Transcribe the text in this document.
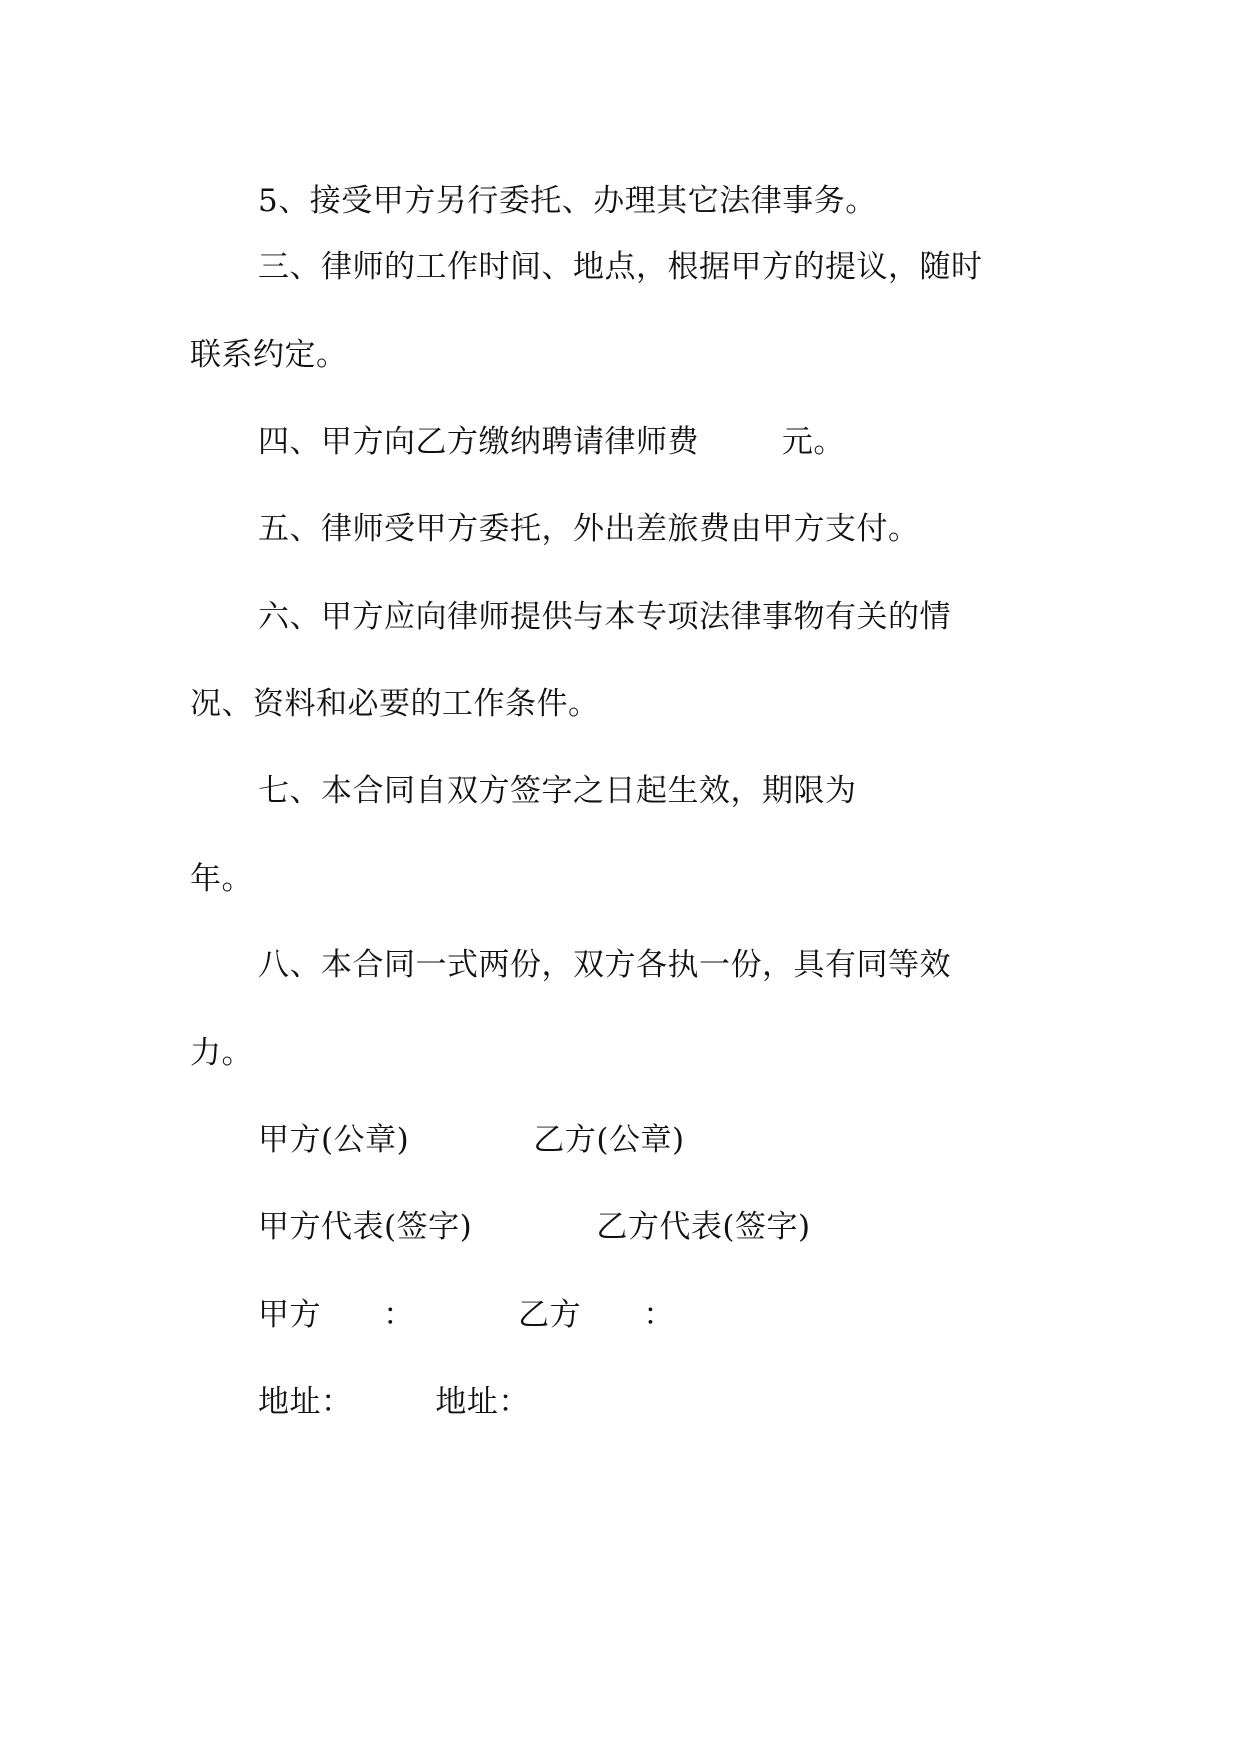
5、接受甲方另行委托、办理其它法律事务。
三、律师的工作时间、地点，根据甲方的提议，随时
联系约定。
四、甲方向乙方缴纳聘请律师费        元。
五、律师受甲方委托，外出差旅费由甲方支付。
六、甲方应向律师提供与本专项法律事物有关的情
况、资料和必要的工作条件。
七、本合同自双方签字之日起生效，期限为
年。
八、本合同一式两份，双方各执一份，具有同等效
力。
甲方(公章)            乙方(公章)
甲方代表(签字)            乙方代表(签字)
甲方      ：          乙方      ：
地址：        地址：
